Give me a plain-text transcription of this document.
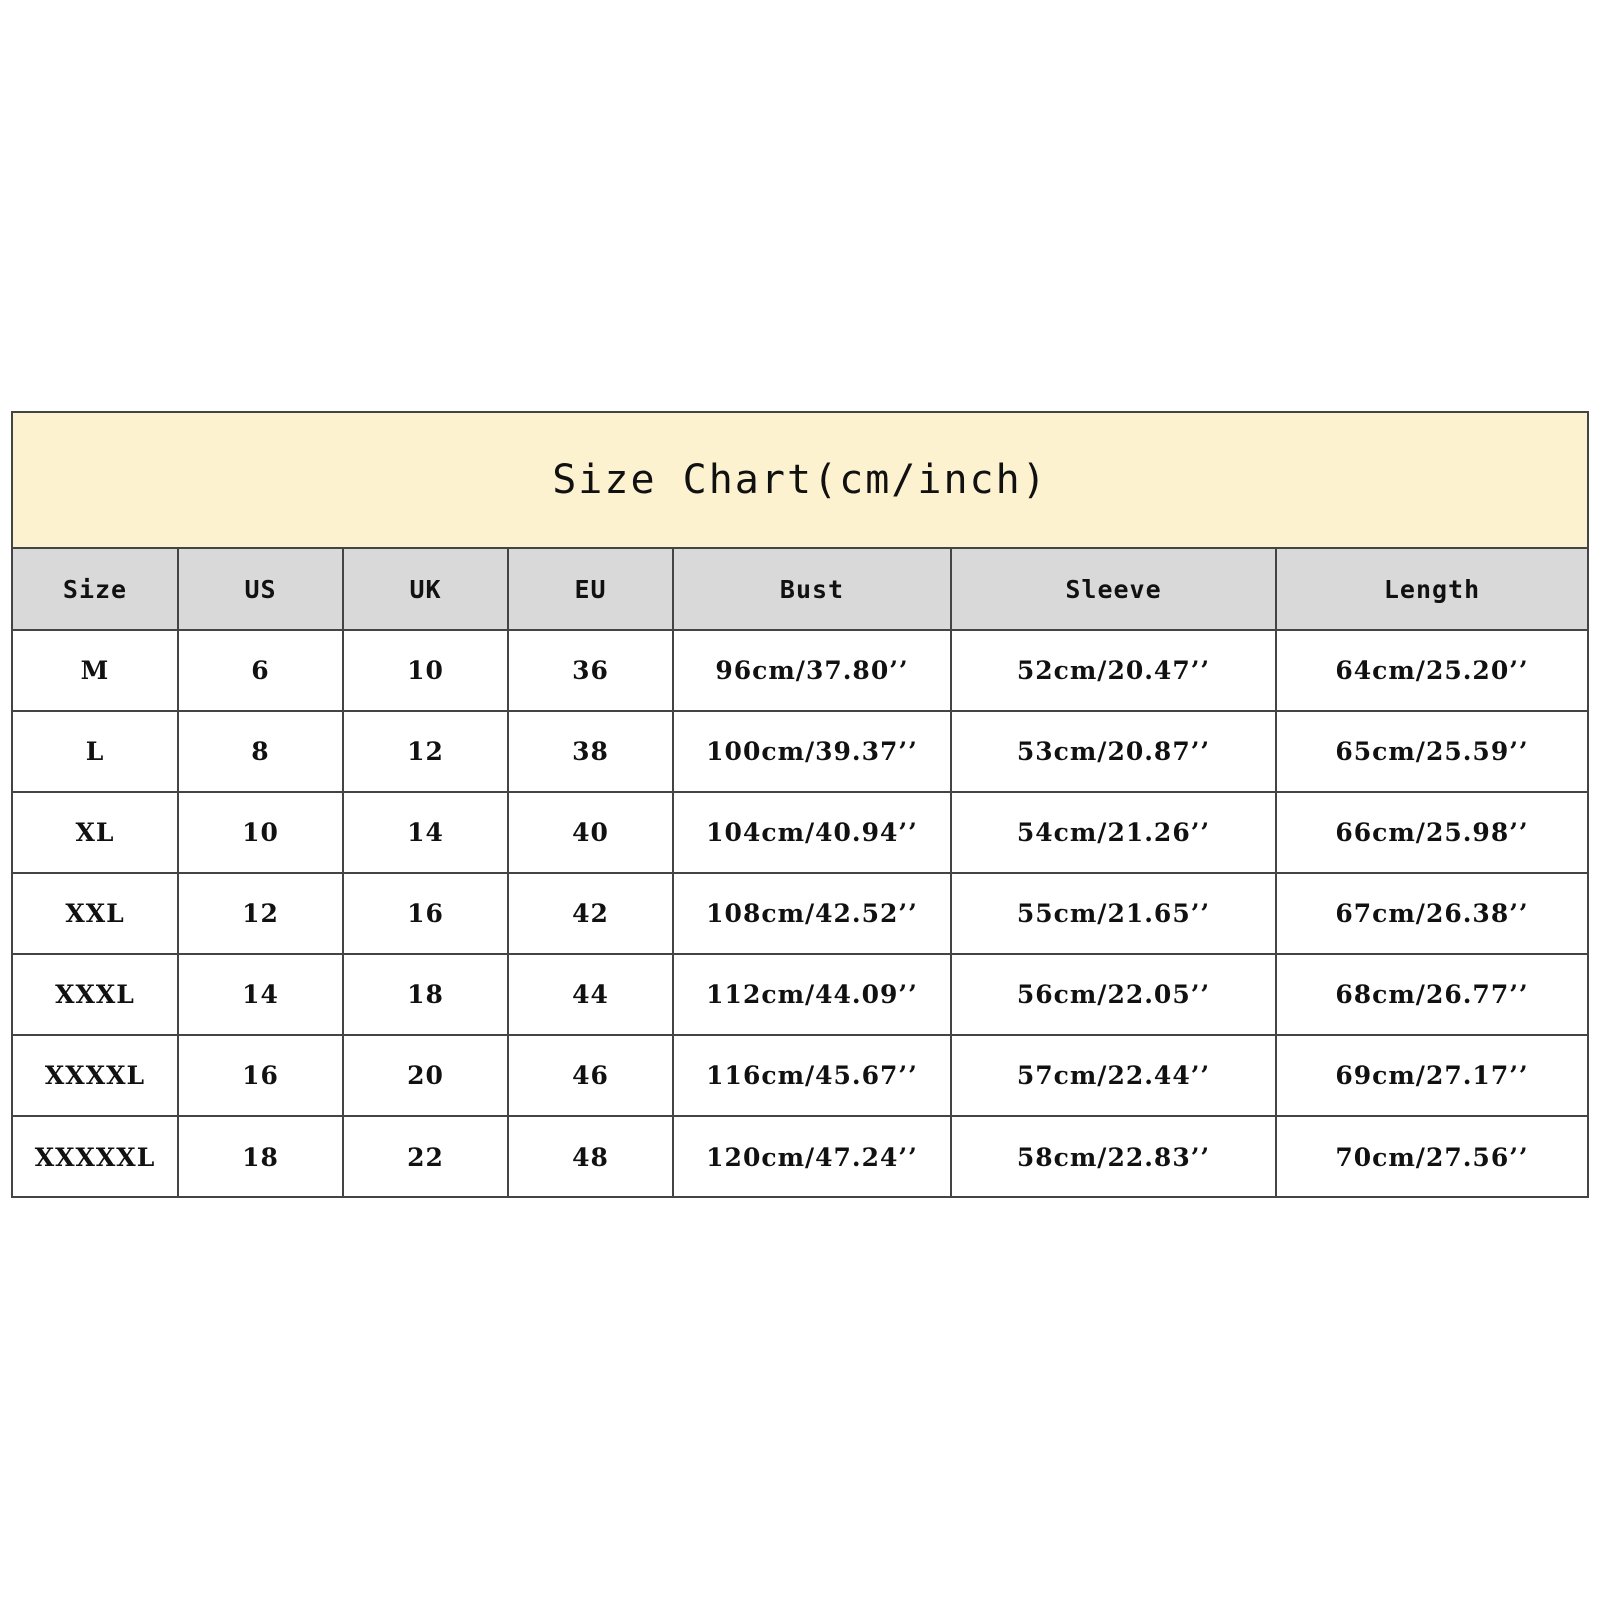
Size Chart(cm/inch)
Size	US	UK	EU	Bust	Sleeve	Length
M	6	10	36	96cm/37.80’’	52cm/20.47’’	64cm/25.20’’
L	8	12	38	100cm/39.37’’	53cm/20.87’’	65cm/25.59’’
XL	10	14	40	104cm/40.94’’	54cm/21.26’’	66cm/25.98’’
XXL	12	16	42	108cm/42.52’’	55cm/21.65’’	67cm/26.38’’
XXXL	14	18	44	112cm/44.09’’	56cm/22.05’’	68cm/26.77’’
XXXXL	16	20	46	116cm/45.67’’	57cm/22.44’’	69cm/27.17’’
XXXXXL	18	22	48	120cm/47.24’’	58cm/22.83’’	70cm/27.56’’
